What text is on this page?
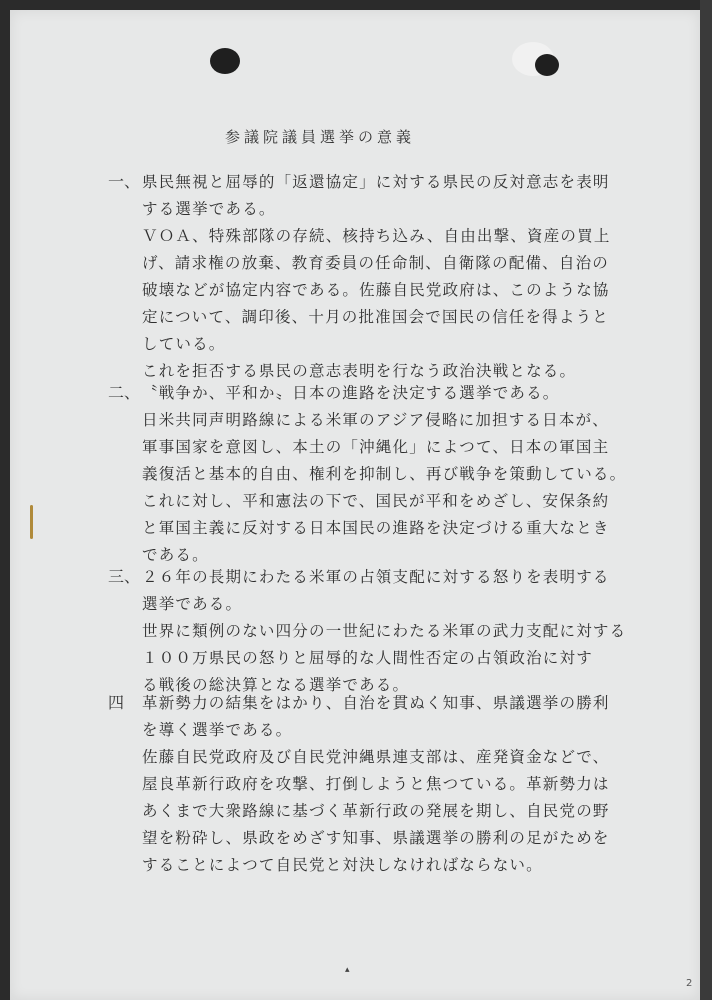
参議院議員選挙の意義
一、 県民無視と屈辱的「返還協定」に対する県民の反対意志を表明
する選挙である。
ＶＯＡ、特殊部隊の存続、核持ち込み、自由出撃、資産の買上
げ、請求権の放棄、教育委員の任命制、自衛隊の配備、自治の
破壊などが協定内容である。佐藤自民党政府は、このような協
定について、調印後、十月の批准国会で国民の信任を得ようと
している。
これを拒否する県民の意志表明を行なう政治決戦となる。
二、 〝戦争か、平和か〟日本の進路を決定する選挙である。
日米共同声明路線による米軍のアジア侵略に加担する日本が、
軍事国家を意図し、本土の「沖縄化」によつて、日本の軍国主
義復活と基本的自由、権利を抑制し、再び戦争を策動している。
これに対し、平和憲法の下で、国民が平和をめざし、安保条約
と軍国主義に反対する日本国民の進路を決定づける重大なとき
である。
三、 ２６年の長期にわたる米軍の占領支配に対する怒りを表明する
選挙である。
世界に類例のない四分の一世紀にわたる米軍の武力支配に対する
１００万県民の怒りと屈辱的な人間性否定の占領政治に対す
る戦後の総決算となる選挙である。
四	革新勢力の結集をはかり、自治を貫ぬく知事、県議選挙の勝利
を導く選挙である。
佐藤自民党政府及び自民党沖縄県連支部は、産発資金などで、
屋良革新行政府を攻撃、打倒しようと焦つている。革新勢力は
あくまで大衆路線に基づく革新行政の発展を期し、自民党の野
望を粉砕し、県政をめざす知事、県議選挙の勝利の足がためを
することによつて自民党と対決しなければならない。
▴
2
